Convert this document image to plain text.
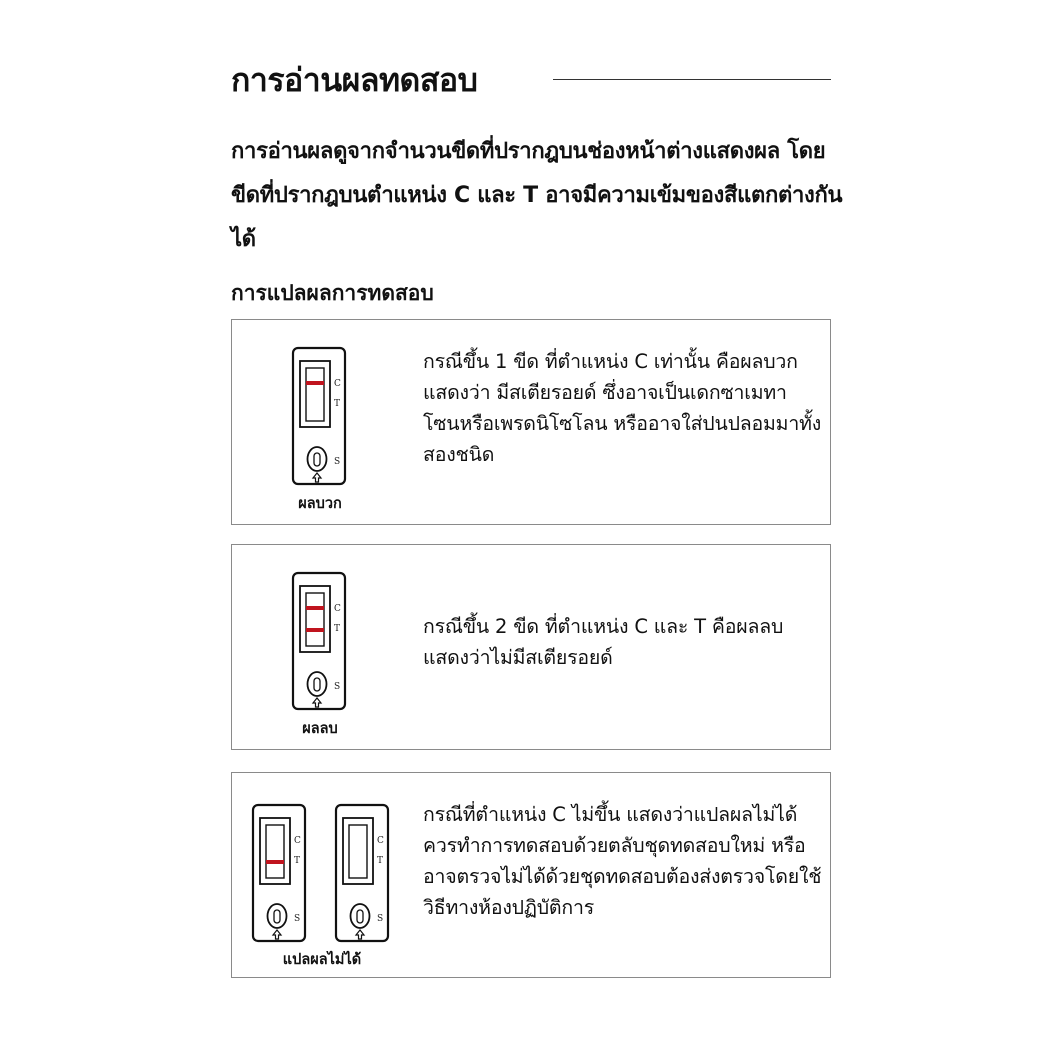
การอ่านผลทดสอบ

การอ่านผลดูจากจำนวนขีดที่ปรากฎบนช่องหน้าต่างแสดงผล โดยขีดที่ปรากฎบนตำแหน่ง C และ T อาจมีความเข้มของสีแตกต่างกันได้

การแปลผลการทดสอบ
C
T
S

ผลบวก

กรณีขึ้น 1 ขีด ที่ตำแหน่ง C เท่านั้น คือผลบวกแสดงว่า มีสเตียรอยด์ ซึ่งอาจเป็นเดกซาเมทาโซนหรือเพรดนิโซโลน หรืออาจใส่ปนปลอมมาทั้งสองชนิด

C
T
S

ผลลบ

กรณีขึ้น 2 ขีด ที่ตำแหน่ง C และ T คือผลลบ แสดงว่าไม่มีสเตียรอยด์

C
T
S
C
T
S

แปลผลไม่ได้

กรณีที่ตำแหน่ง C ไม่ขึ้น แสดงว่าแปลผลไม่ได้ ควรทำการทดสอบด้วยตลับชุดทดสอบใหม่ หรืออาจตรวจไม่ได้ด้วยชุดทดสอบต้องส่งตรวจโดยใช้วิธีทางห้องปฏิบัติการ
